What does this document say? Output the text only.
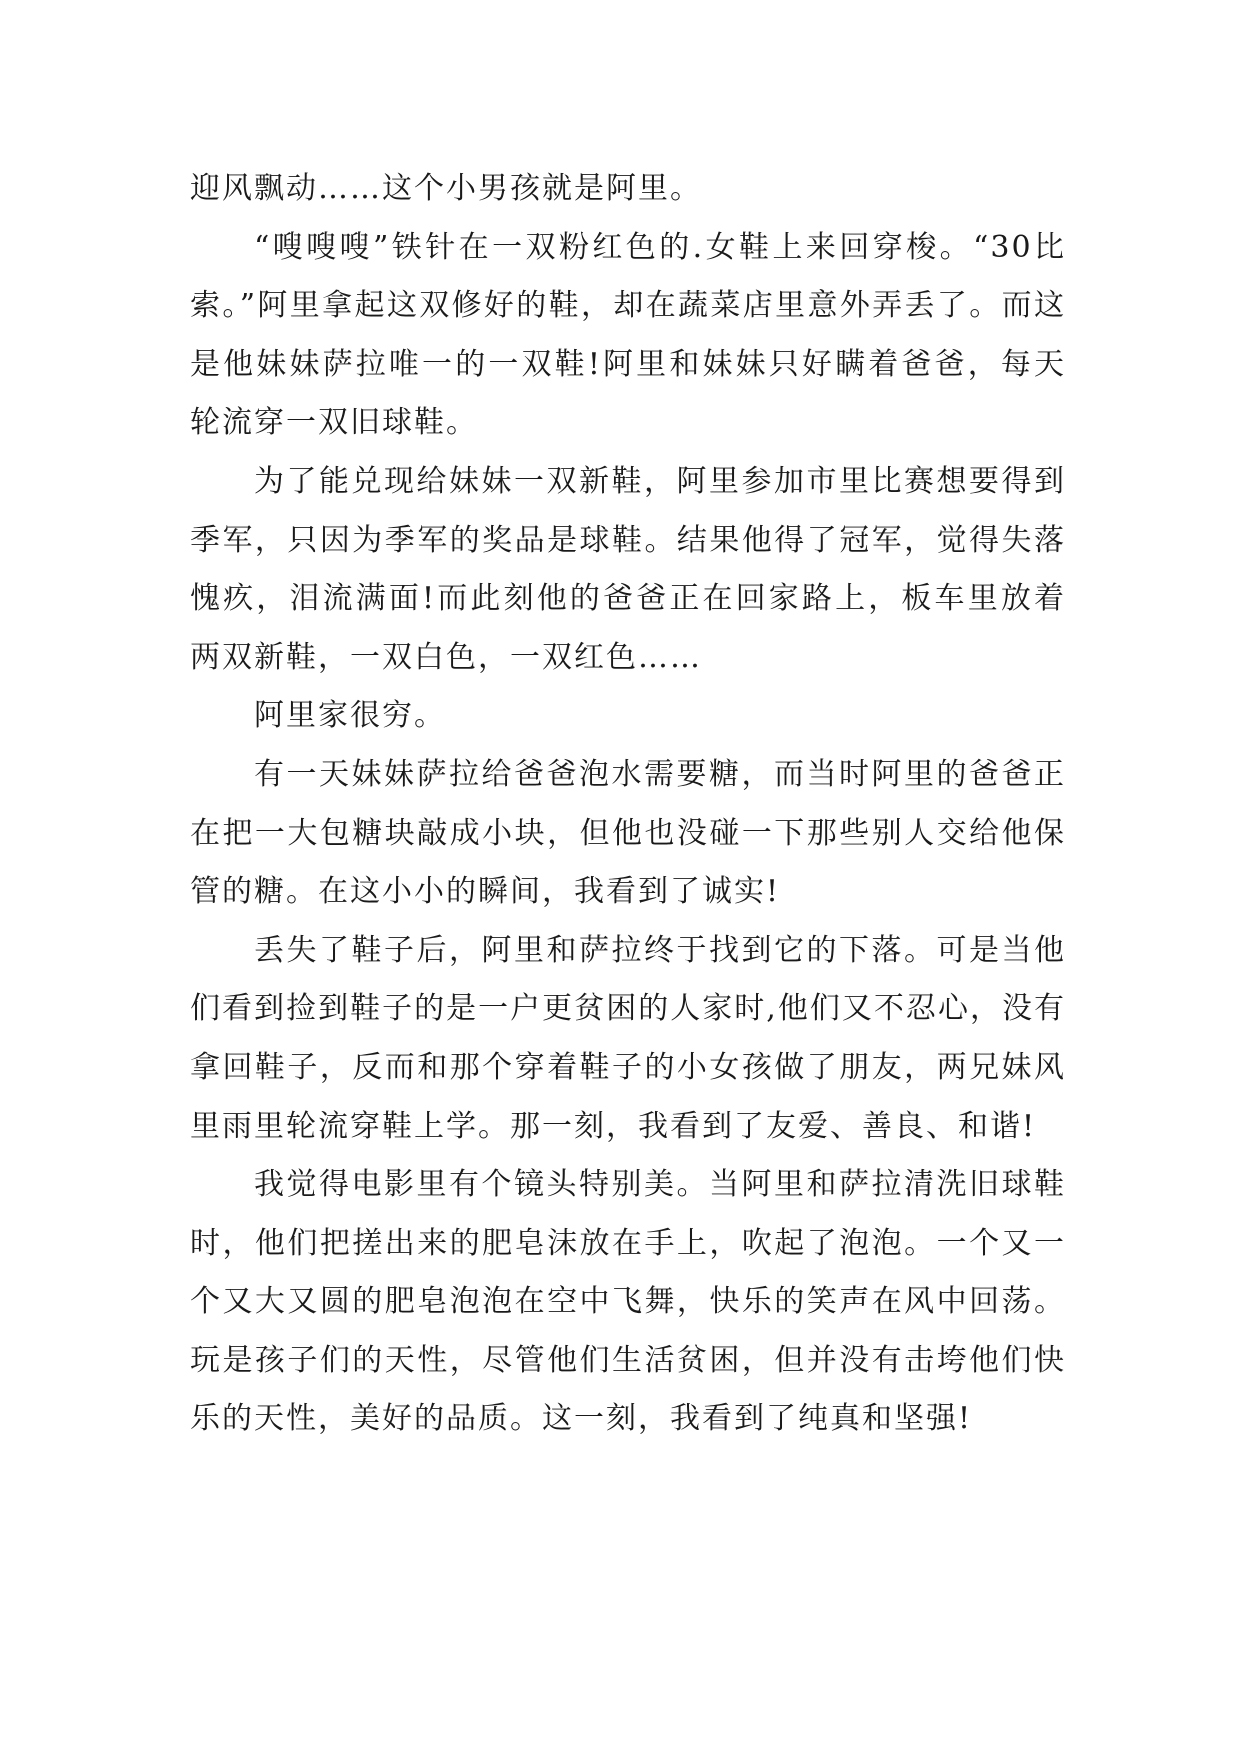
迎风飘动……这个小男孩就是阿里。

“嗖嗖嗖”铁针在一双粉红色的.女鞋上来回穿梭。“30比索。”阿里拿起这双修好的鞋，却在蔬菜店里意外弄丢了。而这是他妹妹萨拉唯一的一双鞋!阿里和妹妹只好瞒着爸爸，每天轮流穿一双旧球鞋。

为了能兑现给妹妹一双新鞋，阿里参加市里比赛想要得到季军，只因为季军的奖品是球鞋。结果他得了冠军，觉得失落愧疚，泪流满面!而此刻他的爸爸正在回家路上，板车里放着两双新鞋，一双白色，一双红色……

阿里家很穷。

有一天妹妹萨拉给爸爸泡水需要糖，而当时阿里的爸爸正在把一大包糖块敲成小块，但他也没碰一下那些别人交给他保管的糖。在这小小的瞬间，我看到了诚实!

丢失了鞋子后，阿里和萨拉终于找到它的下落。可是当他们看到捡到鞋子的是一户更贫困的人家时,他们又不忍心，没有拿回鞋子，反而和那个穿着鞋子的小女孩做了朋友，两兄妹风里雨里轮流穿鞋上学。那一刻，我看到了友爱、善良、和谐!

我觉得电影里有个镜头特别美。当阿里和萨拉清洗旧球鞋时，他们把搓出来的肥皂沫放在手上，吹起了泡泡。一个又一个又大又圆的肥皂泡泡在空中飞舞，快乐的笑声在风中回荡。玩是孩子们的天性，尽管他们生活贫困，但并没有击垮他们快乐的天性，美好的品质。这一刻，我看到了纯真和坚强!
